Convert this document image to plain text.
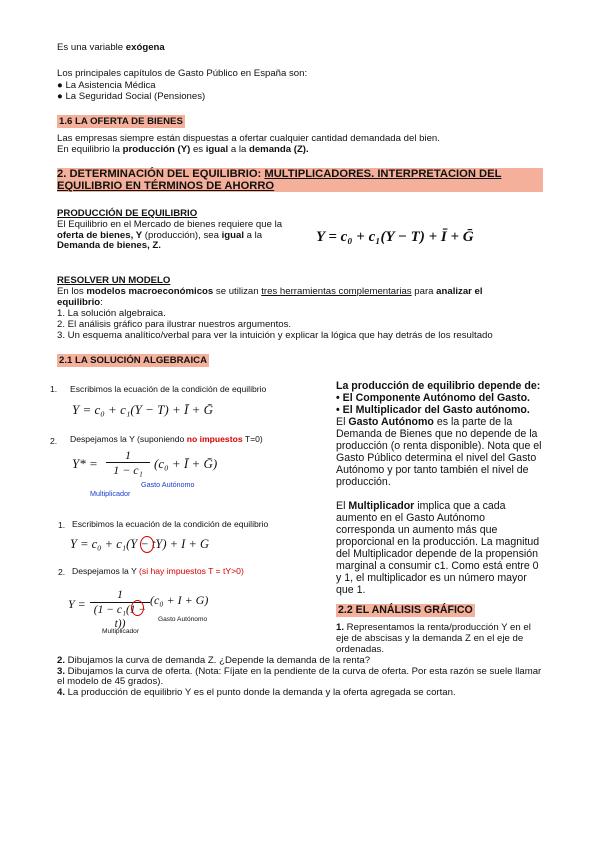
Es una variable exógena
Los principales capítulos de Gasto Público en España son:
● La Asistencia Médica
● La Seguridad Social (Pensiones)
1.6 LA OFERTA DE BIENES
Las empresas siempre están dispuestas a ofertar cualquier cantidad demandada del bien.
En equilibrio la producción (Y) es igual a la demanda (Z).
2. DETERMINACIÓN DEL EQUILIBRIO: MULTIPLICADORES. INTERPRETACION DEL EQUILIBRIO EN TÉRMINOS DE AHORRO
PRODUCCIÓN DE EQUILIBRIO
El Equilibrio en el Mercado de bienes requiere que la oferta de bienes, Y (producción), sea igual a la Demanda de bienes, Z.
Y = c₀ + c₁(Y − T) + Ī + Ḡ
RESOLVER UN MODELO
En los modelos macroeconómicos se utilizan tres herramientas complementarias para analizar el equilibrio:
1. La solución algebraica.
2. El análisis gráfico para ilustrar nuestros argumentos.
3. Un esquema analítico/verbal para ver la intuición y explicar la lógica que hay detrás de los resultado
2.1 LA SOLUCIÓN ALGEBRAICA
1. Escribimos la ecuación de la condición de equilibrio
Y = c₀ + c₁(Y − T) + Ī + Ḡ
2. Despejamos la Y (suponiendo no impuestos T=0)
Y* =
1
1 − c₁ (c₀ + Ī + Ḡ)
Multiplicador
Gasto Autónomo
1. Escribimos la ecuación de la condición de equilibrio
Y = c₀ + c₁(Y − tY) + I + G
2. Despejamos la Y (si hay impuestos T = tY>0)
Y =
1
(1 − c₁(1 − t))
(c₀ + I + G)
Multiplicador
Gasto Autónomo
La producción de equilibrio depende de:
• El Componente Autónomo del Gasto.
• El Multiplicador del Gasto autónomo.
El Gasto Autónomo es la parte de la Demanda de Bienes que no depende de la producción (o renta disponible). Nota que el Gasto Público determina el nivel del Gasto Autónomo y por tanto también el nivel de producción.
El Multiplicador implica que a cada aumento en el Gasto Autónomo corresponda un aumento más que proporcional en la producción. La magnitud del Multiplicador depende de la propensión marginal a consumir c1. Como está entre 0 y 1, el multiplicador es un número mayor que 1.
2.2 EL ANÁLISIS GRÁFICO
1. Representamos la renta/producción Y en el eje de abscisas y la demanda Z en el eje de ordenadas.
2. Dibujamos la curva de demanda Z. ¿Depende la demanda de la renta?
3. Dibujamos la curva de oferta. (Nota: Fíjate en la pendiente de la curva de oferta. Por esta razón se suele llamar el modelo de 45 grados).
4. La producción de equilibrio Y es el punto donde la demanda y la oferta agregada se cortan.
